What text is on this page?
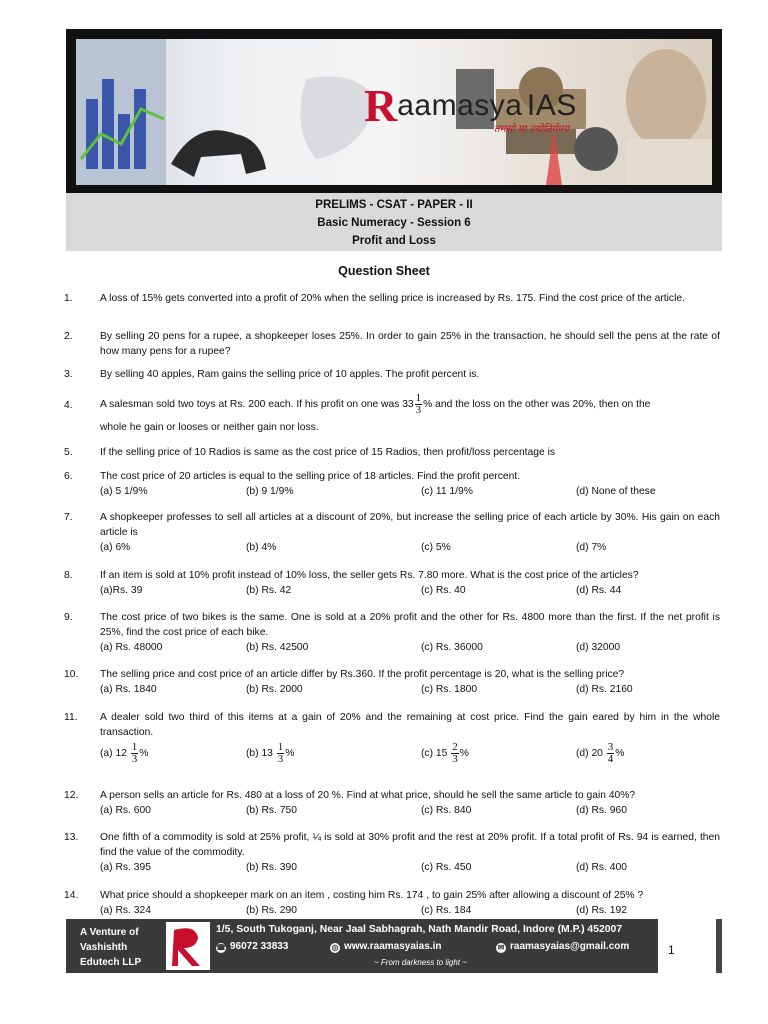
Raamasya IAS
तमसो मा ज्योतिर्गमय
PRELIMS - CSAT - PAPER - II
Basic Numeracy - Session 6
Profit and Loss
Question Sheet
1.	A loss of 15% gets converted into a profit of 20% when the selling price is increased by Rs. 175. Find the cost price of the article.
2.	By selling 20 pens for a rupee, a shopkeeper loses 25%. In order to gain 25% in the transaction, he should sell the pens at the rate of how many pens for a rupee?
3.	By selling 40 apples, Ram gains the selling price of 10 apples. The profit percent is.
4.	A salesman sold two toys at Rs. 200 each. If his profit on one was $33 \frac{1}{3}$ % and the loss on the other was 20%, then on the
whole he gain or looses or neither gain nor loss.
5.	If the selling price of 10 Radios is same as the cost price of 15 Radios, then profit/loss percentage is
6.	The cost price of 20 articles is equal to the selling price of 18 articles. Find the profit percent.
(a) 5 1/9%	(b) 9 1/9%	(c) 11 1/9%	(d) None of these
7.	A shopkeeper professes to sell all articles at a discount of 20%, but increase the selling price of each article by 30%. His gain on each article is
(a) 6%	(b) 4%	(c) 5%	(d) 7%
8.	If an item is sold at 10% profit instead of 10% loss, the seller gets Rs. 7.80 more. What is the cost price of the articles?
(a)Rs. 39	(b) Rs. 42	(c) Rs. 40	(d) Rs. 44
9.	The cost price of two bikes is the same. One is sold at a 20% profit and the other for Rs. 4800 more than the first. If the net profit is 25%, find the cost price of each bike.
(a) Rs. 48000	(b) Rs. 42500	(c) Rs. 36000	(d) 32000
10.	The selling price and cost price of an article differ by Rs.360. If the profit percentage is 20, what is the selling price?
(a) Rs. 1840	(b) Rs. 2000	(c) Rs. 1800	(d) Rs. 2160
11.	A dealer sold two third of this items at a gain of 20% and the remaining at cost price. Find the gain eared by him in the whole transaction.
(a) $12 \frac{1}{3}$ %	(b) $13 \frac{1}{3}$ %	(c) $15 \frac{2}{3}$ %	(d) $20 \frac{3}{4}$ %
12.	A person sells an article for Rs. 480 at a loss of 20 %. Find at what price, should he sell the same article to gain 40%?
(a) Rs. 600	(b) Rs. 750	(c) Rs. 840	(d) Rs. 960
13.	One fifth of a commodity is sold at 25% profit, ¼ is sold at 30% profit and the rest at 20% profit. If a total profit of Rs. 94 is earned, then find the value of the commodity.
(a) Rs. 395	(b) Rs. 390	(c) Rs. 450	(d) Rs. 400
14.	What price should a shopkeeper mark on an item , costing him Rs. 174 , to gain 25% after allowing a discount of 25% ?
(a) Rs. 324	(b) Rs. 290	(c) Rs. 184	(d) Rs. 192
A Venture of
Vashishth
Edutech LLP
1/5, South Tukoganj, Near Jaal Sabhagrah, Nath Mandir Road, Indore (M.P.) 452007
☎ 96072 33833	◎ www.raamasyaias.in	✉ raamasyaias@gmail.com
~ From darkness to light ~
1
